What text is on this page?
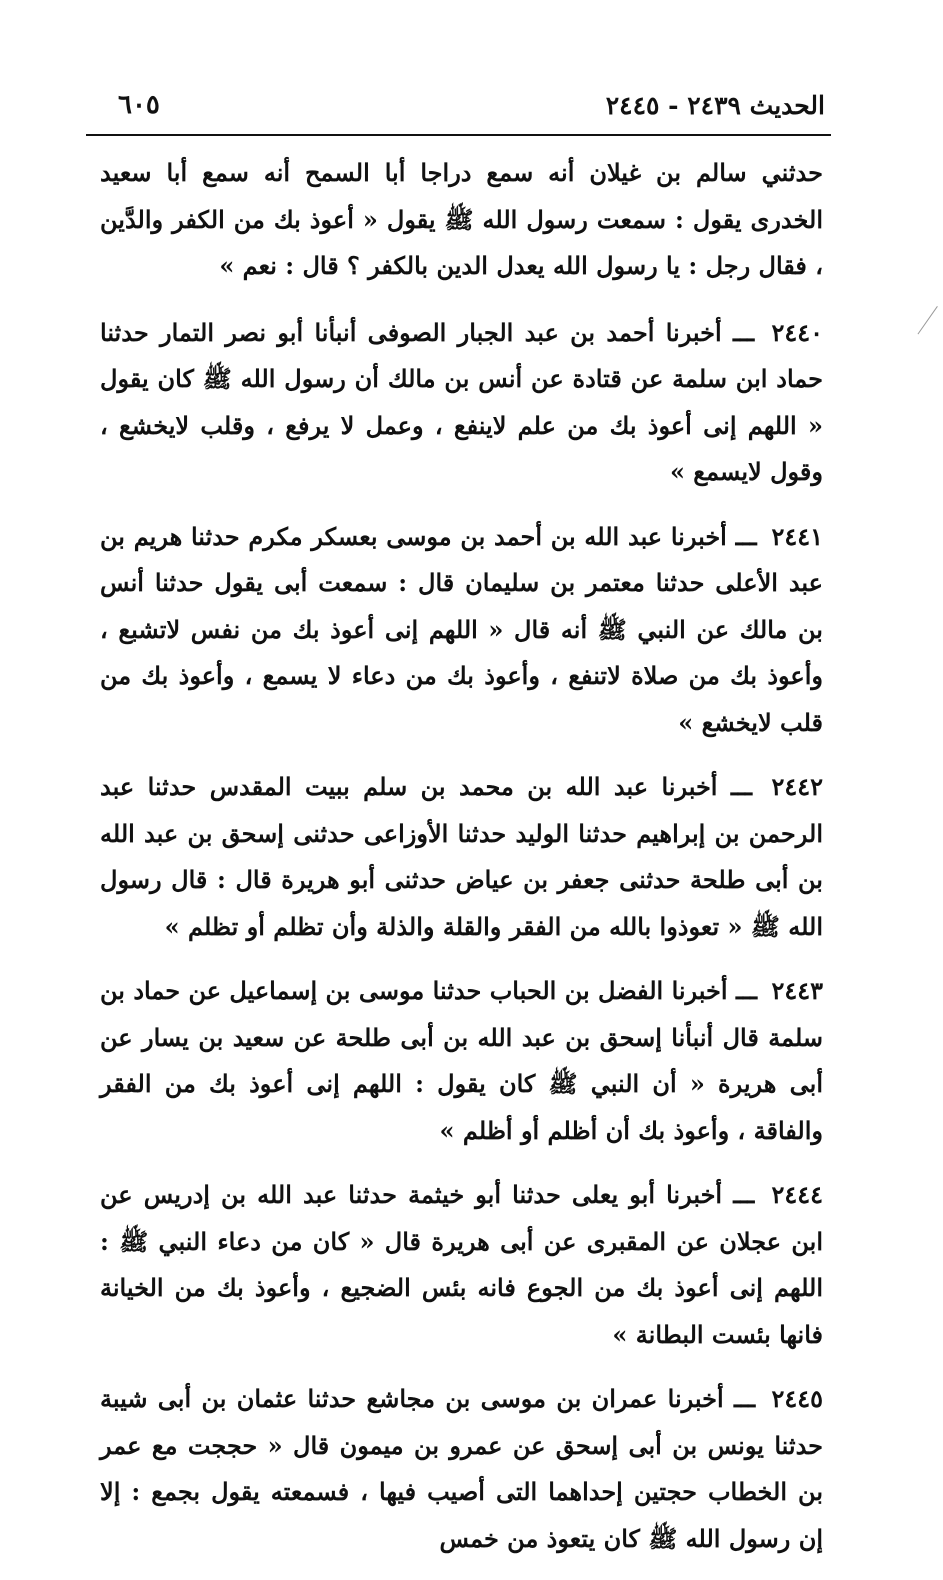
الحديث ٢٤٣٩ - ٢٤٤٥
٦٠٥

حدثني سالم بن غيلان أنه سمع دراجا أبا السمح أنه سمع أبا سعيد الخدرى يقول : سمعت رسول الله ﷺ يقول « أعوذ بك من الكفر والدَّين ، فقال رجل : يا رسول الله يعدل الدين بالكفر ؟ قال : نعم »

٢٤٤٠ ـــ أخبرنا أحمد بن عبد الجبار الصوفى أنبأنا أبو نصر التمار حدثنا حماد ابن سلمة عن قتادة عن أنس بن مالك أن رسول الله ﷺ كان يقول « اللهم إنى أعوذ بك من علم لاينفع ، وعمل لا يرفع ، وقلب لايخشع ، وقول لايسمع »

٢٤٤١ ـــ أخبرنا عبد الله بن أحمد بن موسى بعسكر مكرم حدثنا هريم بن عبد الأعلى حدثنا معتمر بن سليمان قال : سمعت أبى يقول حدثنا أنس بن مالك عن النبي ﷺ أنه قال « اللهم إنى أعوذ بك من نفس لاتشبع ، وأعوذ بك من صلاة لاتنفع ، وأعوذ بك من دعاء لا يسمع ، وأعوذ بك من قلب لايخشع »

٢٤٤٢ ـــ أخبرنا عبد الله بن محمد بن سلم ببيت المقدس حدثنا عبد الرحمن بن إبراهيم حدثنا الوليد حدثنا الأوزاعى حدثنى إسحق بن عبد الله بن أبى طلحة حدثنى جعفر بن عياض حدثنى أبو هريرة قال : قال رسول الله ﷺ « تعوذوا بالله من الفقر والقلة والذلة وأن تظلم أو تظلم »

٢٤٤٣ ـــ أخبرنا الفضل بن الحباب حدثنا موسى بن إسماعيل عن حماد بن سلمة قال أنبأنا إسحق بن عبد الله بن أبى طلحة عن سعيد بن يسار عن أبى هريرة « أن النبي ﷺ كان يقول : اللهم إنى أعوذ بك من الفقر والفاقة ، وأعوذ بك أن أظلم أو أظلم »

٢٤٤٤ ـــ أخبرنا أبو يعلى حدثنا أبو خيثمة حدثنا عبد الله بن إدريس عن ابن عجلان عن المقبرى عن أبى هريرة قال « كان من دعاء النبي ﷺ : اللهم إنى أعوذ بك من الجوع فانه بئس الضجيع ، وأعوذ بك من الخيانة فانها بئست البطانة »

٢٤٤٥ ـــ أخبرنا عمران بن موسى بن مجاشع حدثنا عثمان بن أبى شيبة حدثنا يونس بن أبى إسحق عن عمرو بن ميمون قال « حججت مع عمر بن الخطاب حجتين إحداهما التى أصيب فيها ، فسمعته يقول بجمع : إلا إن رسول الله ﷺ كان يتعوذ من خمس
